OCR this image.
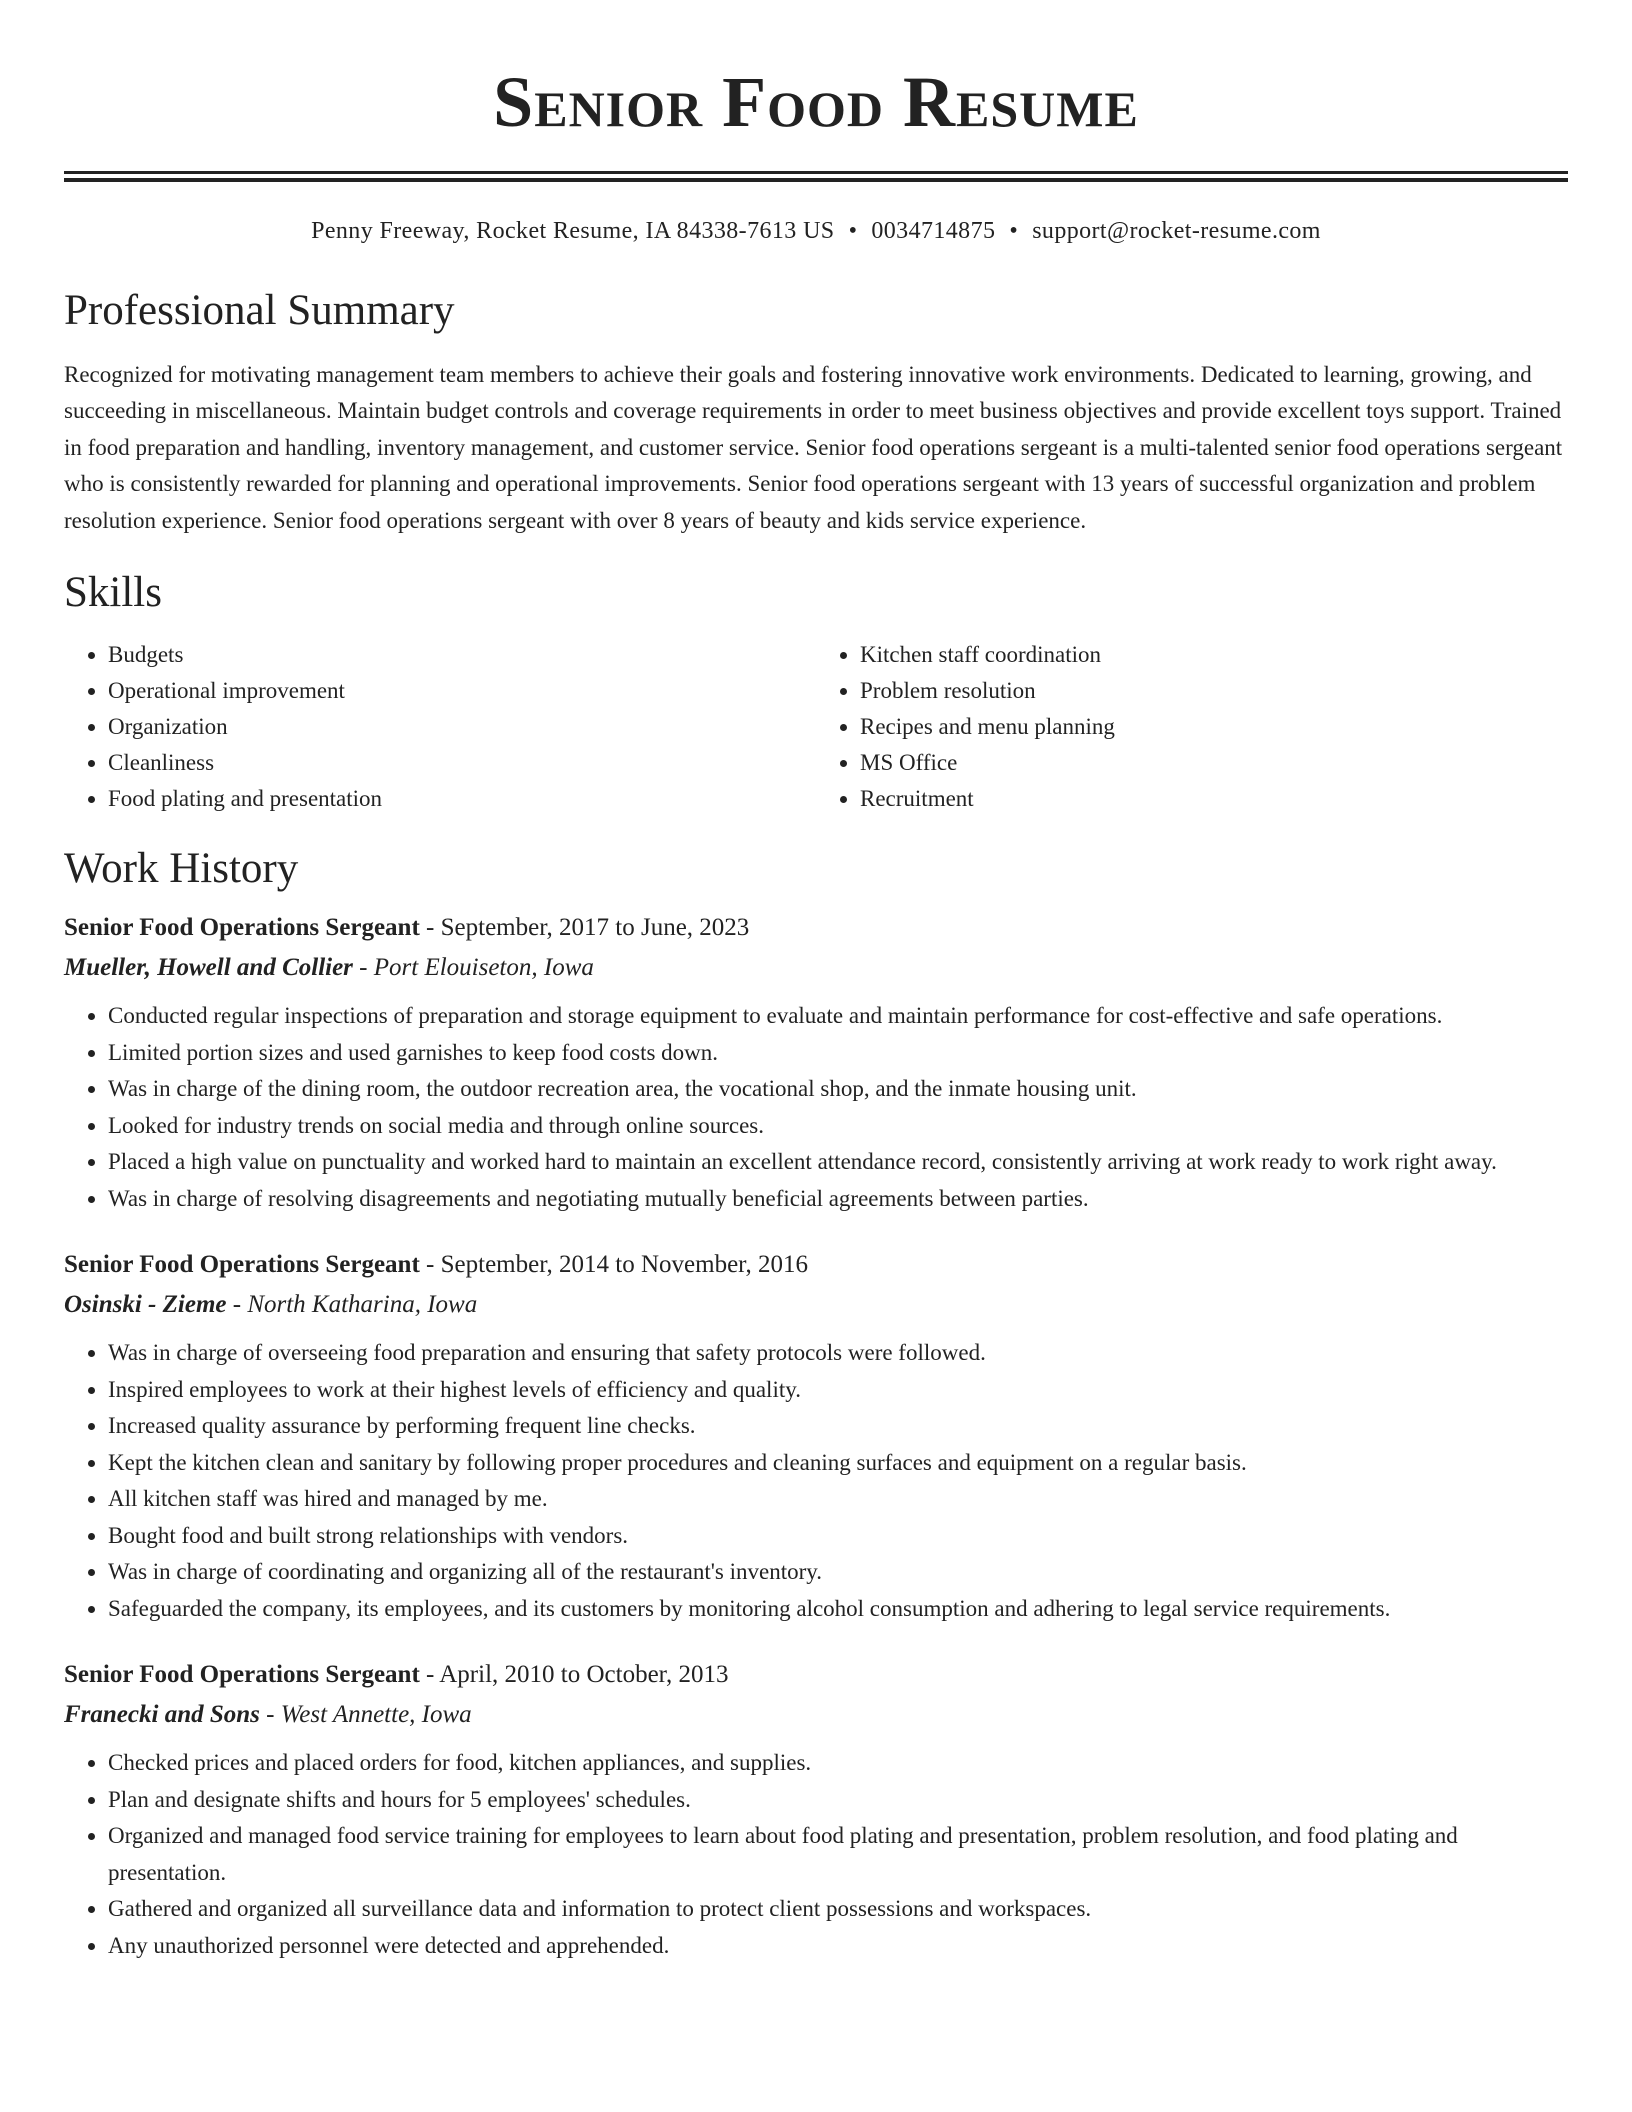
Senior Food Resume
Penny Freeway, Rocket Resume, IA 84338-7613 US • 0034714875 • support@rocket-resume.com
Professional Summary

Recognized for motivating management team members to achieve their goals and fostering innovative work environments. Dedicated to learning, growing, and succeeding in miscellaneous. Maintain budget controls and coverage requirements in order to meet business objectives and provide excellent toys support. Trained in food preparation and handling, inventory management, and customer service. Senior food operations sergeant is a multi-talented senior food operations sergeant who is consistently rewarded for planning and operational improvements. Senior food operations sergeant with 13 years of successful organization and problem resolution experience. Senior food operations sergeant with over 8 years of beauty and kids service experience.

Skills
• Budgets
• Operational improvement
• Organization
• Cleanliness
• Food plating and presentation
• Kitchen staff coordination
• Problem resolution
• Recipes and menu planning
• MS Office
• Recruitment
Work History
Senior Food Operations Sergeant - September, 2017 to June, 2023
Mueller, Howell and Collier - Port Elouiseton, Iowa
• Conducted regular inspections of preparation and storage equipment to evaluate and maintain performance for cost-effective and safe operations.
• Limited portion sizes and used garnishes to keep food costs down.
• Was in charge of the dining room, the outdoor recreation area, the vocational shop, and the inmate housing unit.
• Looked for industry trends on social media and through online sources.
• Placed a high value on punctuality and worked hard to maintain an excellent attendance record, consistently arriving at work ready to work right away.
• Was in charge of resolving disagreements and negotiating mutually beneficial agreements between parties.
Senior Food Operations Sergeant - September, 2014 to November, 2016
Osinski - Zieme - North Katharina, Iowa
• Was in charge of overseeing food preparation and ensuring that safety protocols were followed.
• Inspired employees to work at their highest levels of efficiency and quality.
• Increased quality assurance by performing frequent line checks.
• Kept the kitchen clean and sanitary by following proper procedures and cleaning surfaces and equipment on a regular basis.
• All kitchen staff was hired and managed by me.
• Bought food and built strong relationships with vendors.
• Was in charge of coordinating and organizing all of the restaurant's inventory.
• Safeguarded the company, its employees, and its customers by monitoring alcohol consumption and adhering to legal service requirements.
Senior Food Operations Sergeant - April, 2010 to October, 2013
Franecki and Sons - West Annette, Iowa
• Checked prices and placed orders for food, kitchen appliances, and supplies.
• Plan and designate shifts and hours for 5 employees' schedules.
• Organized and managed food service training for employees to learn about food plating and presentation, problem resolution, and food plating and presentation.
• Gathered and organized all surveillance data and information to protect client possessions and workspaces.
• Any unauthorized personnel were detected and apprehended.
